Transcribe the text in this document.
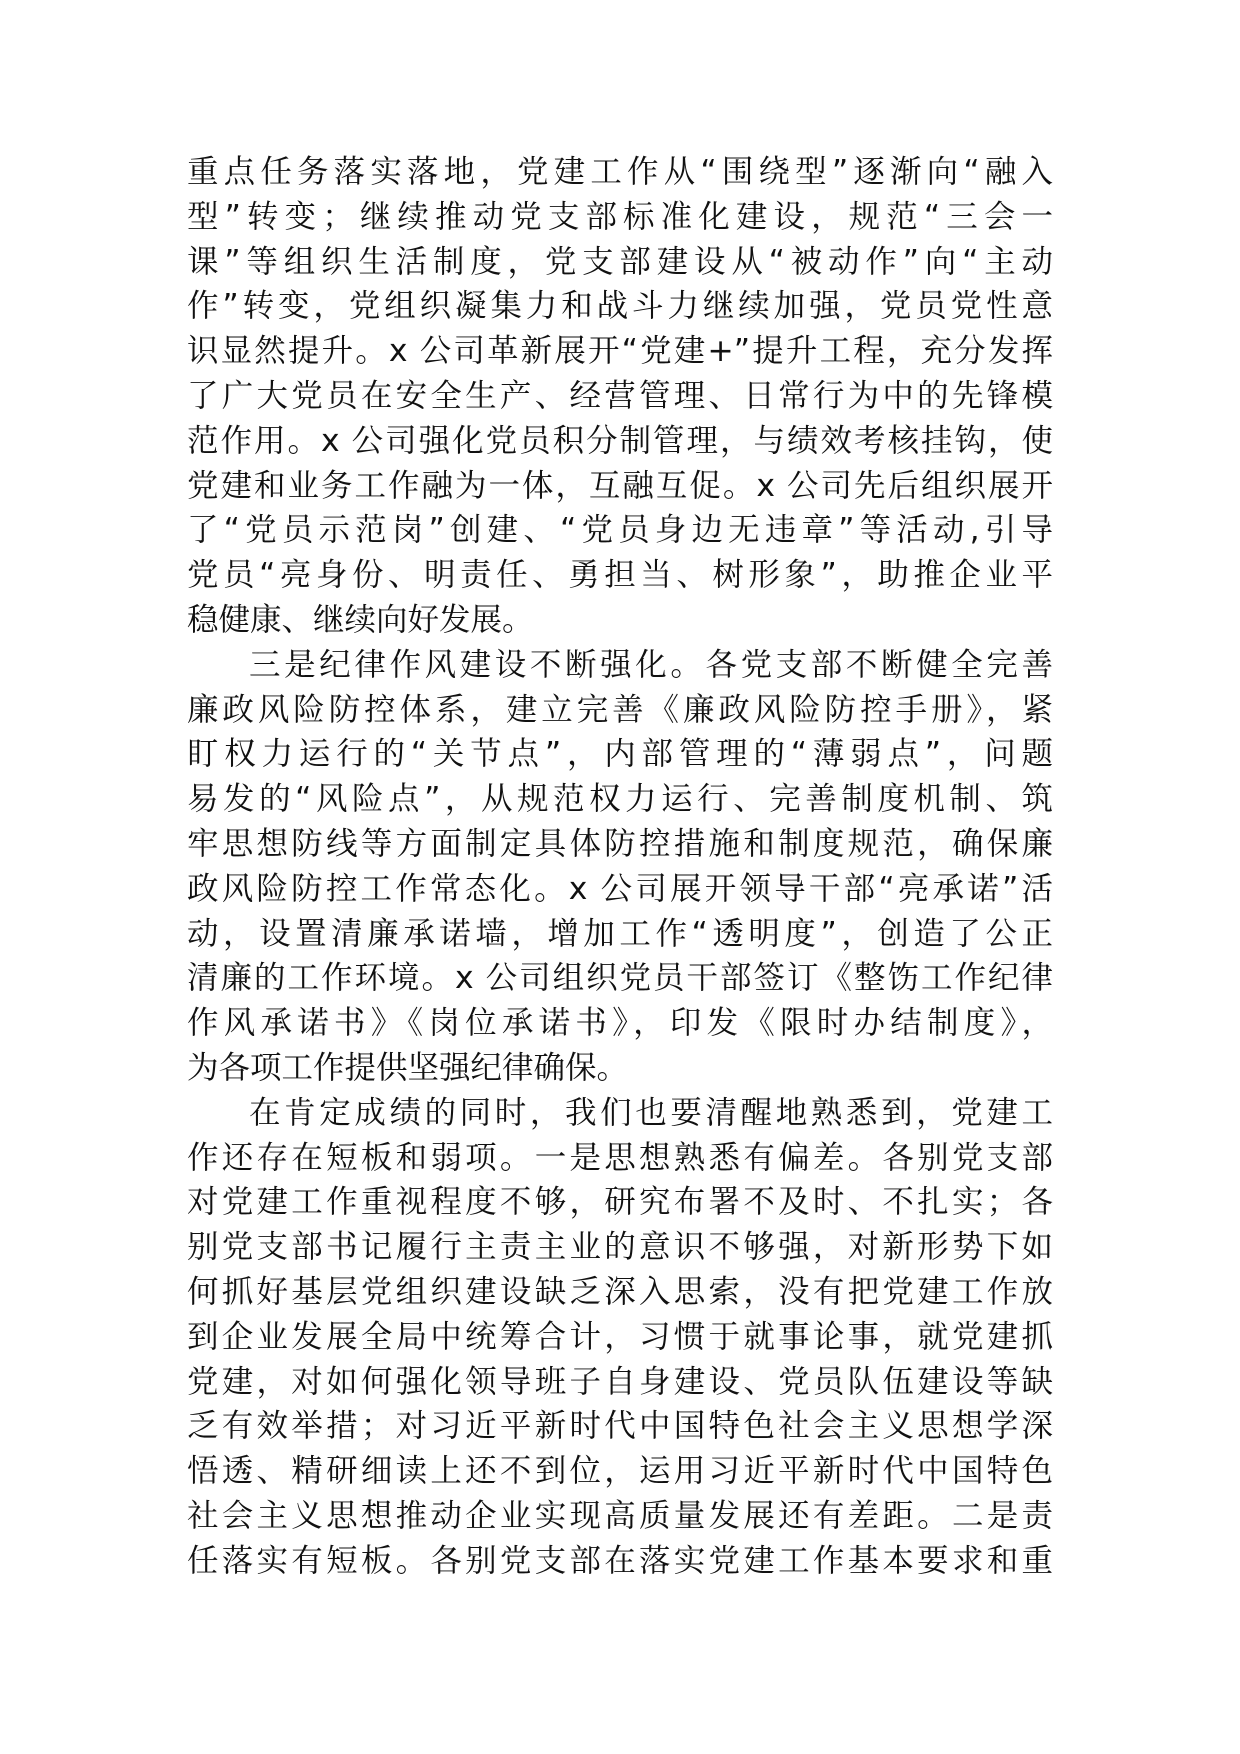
重点任务落实落地，党建工作从“围绕型”逐渐向“融入
型”转变；继续推动党支部标准化建设，规范“三会一
课”等组织生活制度，党支部建设从“被动作”向“主动
作”转变，党组织凝集力和战斗力继续加强，党员党性意
识显然提升。x 公司革新展开“党建+”提升工程，充分发挥
了广大党员在安全生产、经营管理、日常行为中的先锋模
范作用。x 公司强化党员积分制管理，与绩效考核挂钩，使
党建和业务工作融为一体，互融互促。x 公司先后组织展开
了“党员示范岗”创建、“党员身边无违章”等活动,引导
党员“亮身份、明责任、勇担当、树形象”，助推企业平
稳健康、继续向好发展。
三是纪律作风建设不断强化。各党支部不断健全完善
廉政风险防控体系，建立完善《廉政风险防控手册》，紧
盯权力运行的“关节点”，内部管理的“薄弱点”，问题
易发的“风险点”，从规范权力运行、完善制度机制、筑
牢思想防线等方面制定具体防控措施和制度规范，确保廉
政风险防控工作常态化。x 公司展开领导干部“亮承诺”活
动，设置清廉承诺墙，增加工作“透明度”，创造了公正
清廉的工作环境。x 公司组织党员干部签订《整饬工作纪律
作风承诺书》《岗位承诺书》，印发《限时办结制度》，
为各项工作提供坚强纪律确保。
在肯定成绩的同时，我们也要清醒地熟悉到，党建工
作还存在短板和弱项。一是思想熟悉有偏差。各别党支部
对党建工作重视程度不够，研究布署不及时、不扎实；各
别党支部书记履行主责主业的意识不够强，对新形势下如
何抓好基层党组织建设缺乏深入思索，没有把党建工作放
到企业发展全局中统筹合计，习惯于就事论事，就党建抓
党建，对如何强化领导班子自身建设、党员队伍建设等缺
乏有效举措；对习近平新时代中国特色社会主义思想学深
悟透、精研细读上还不到位，运用习近平新时代中国特色
社会主义思想推动企业实现高质量发展还有差距。二是责
任落实有短板。各别党支部在落实党建工作基本要求和重
